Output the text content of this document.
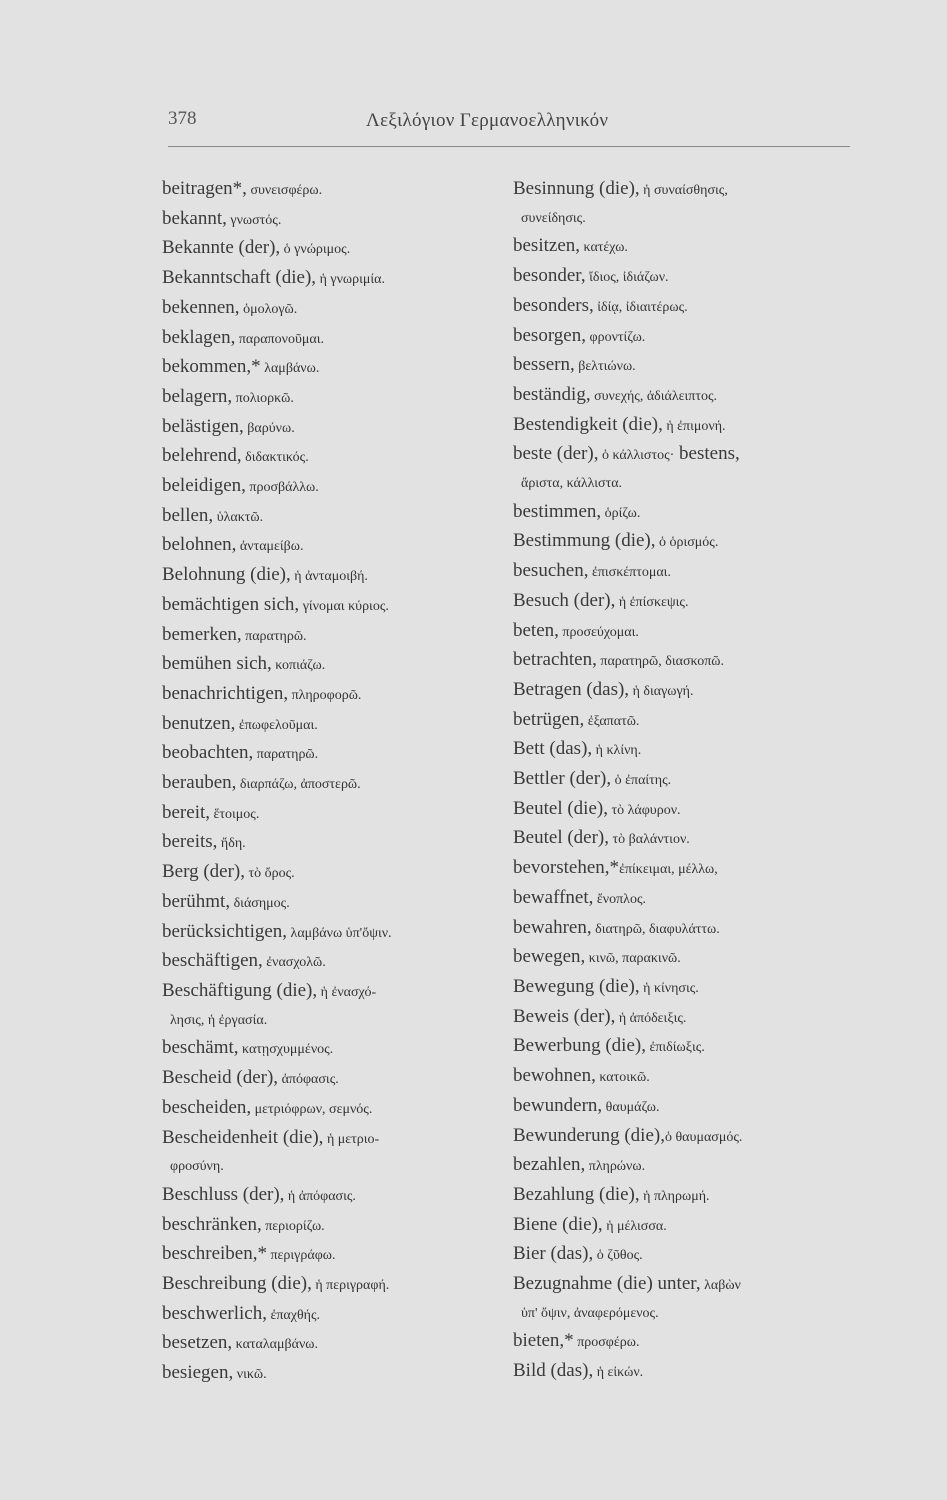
378	Λεξιλόγιον Γερμανοελληνικόν
beitragen*, συνεισφέρω.
bekannt, γνωστός.
Bekannte (der), ὁ γνώριμος.
Bekanntschaft (die), ἡ γνωριμία.
bekennen, ὁμολογῶ.
beklagen, παραπονοῦμαι.
bekommen,* λαμβάνω.
belagern, πολιορκῶ.
belästigen, βαρύνω.
belehrend, διδακτικός.
beleidigen, προσβάλλω.
bellen, ὑλακτῶ.
belohnen, ἀνταμείβω.
Belohnung (die), ἡ ἀνταμοιβή.
bemächtigen sich, γίνομαι κύριος.
bemerken, παρατηρῶ.
bemühen sich, κοπιάζω.
benachrichtigen, πληροφορῶ.
benutzen, ἐπωφελοῦμαι.
beobachten, παρατηρῶ.
berauben, διαρπάζω, ἀποστερῶ.
bereit, ἕτοιμος.
bereits, ἤδη.
Berg (der), τὸ ὄρος.
berühmt, διάσημος.
berücksichtigen, λαμβάνω ὑπ'ὄψιν.
beschäftigen, ἐνασχολῶ.
Beschäftigung (die), ἡ ἐνασχό-
λησις, ἡ ἐργασία.
beschämt, κατῃσχυμμένος.
Bescheid (der), ἀπόφασις.
bescheiden, μετριόφρων, σεμνός.
Bescheidenheit (die), ἡ μετριο-
φροσύνη.
Beschluss (der), ἡ ἀπόφασις.
beschränken, περιορίζω.
beschreiben,* περιγράφω.
Beschreibung (die), ἡ περιγραφή.
beschwerlich, ἐπαχθής.
besetzen, καταλαμβάνω.
besiegen, νικῶ.
Besinnung (die), ἡ συναίσθησις,
συνείδησις.
besitzen, κατέχω.
besonder, ἴδιος, ἰδιάζων.
besonders, ἰδίᾳ, ἰδιαιτέρως.
besorgen, φροντίζω.
bessern, βελτιώνω.
beständig, συνεχής, ἀδιάλειπτος.
Bestendigkeit (die), ἡ ἐπιμονή.
beste (der), ὁ κάλλιστος· bestens,
ἄριστα, κάλλιστα.
bestimmen, ὁρίζω.
Bestimmung (die), ὁ ὁρισμός.
besuchen, ἐπισκέπτομαι.
Besuch (der), ἡ ἐπίσκεψις.
beten, προσεύχομαι.
betrachten, παρατηρῶ, διασκοπῶ.
Betragen (das), ἡ διαγωγή.
betrügen, ἐξαπατῶ.
Bett (das), ἡ κλίνη.
Bettler (der), ὁ ἐπαίτης.
Beutel (die), τὸ λάφυρον.
Beutel (der), τὸ βαλάντιον.
bevorstehen,*ἐπίκειμαι, μέλλω,
bewaffnet, ἔνοπλος.
bewahren, διατηρῶ, διαφυλάττω.
bewegen, κινῶ, παρακινῶ.
Bewegung (die), ἡ κίνησις.
Beweis (der), ἡ ἀπόδειξις.
Bewerbung (die), ἐπιδίωξις.
bewohnen, κατοικῶ.
bewundern, θαυμάζω.
Bewunderung (die),ὁ θαυμασμός.
bezahlen, πληρώνω.
Bezahlung (die), ἡ πληρωμή.
Biene (die), ἡ μέλισσα.
Bier (das), ὁ ζῦθος.
Bezugnahme (die) unter, λαβὼν
ὑπ' ὄψιν, ἀναφερόμενος.
bieten,* προσφέρω.
Bild (das), ἡ εἰκών.
